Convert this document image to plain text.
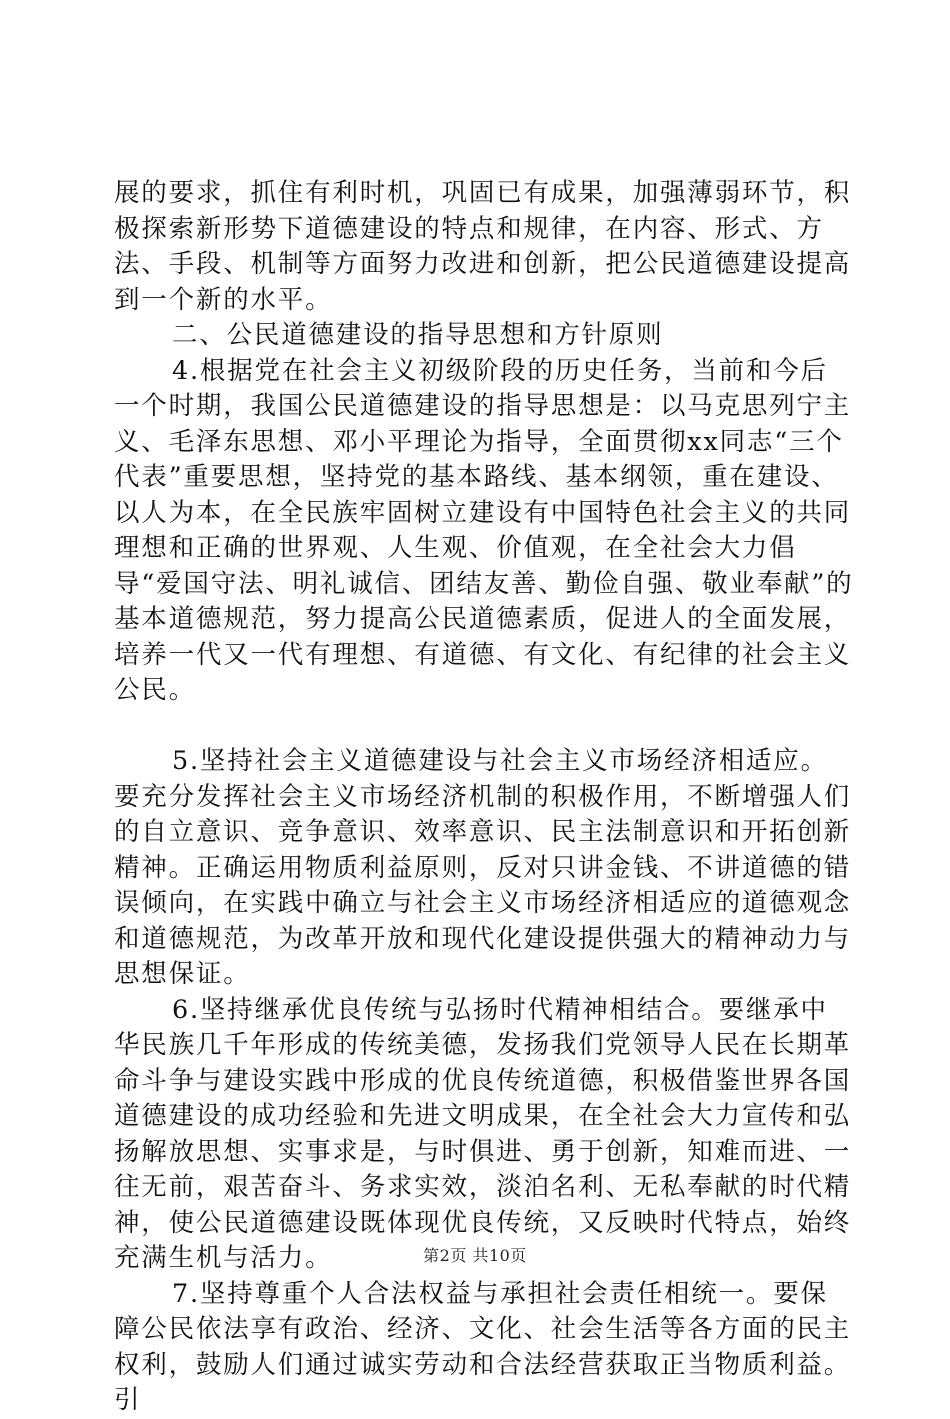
展的要求，抓住有利时机，巩固已有成果，加强薄弱环节，积极探索新形势下道德建设的特点和规律，在内容、形式、方法、手段、机制等方面努力改进和创新，把公民道德建设提高到一个新的水平。

二、公民道德建设的指导思想和方针原则

4.根据党在社会主义初级阶段的历史任务，当前和今后一个时期，我国公民道德建设的指导思想是：以马克思列宁主义、毛泽东思想、邓小平理论为指导，全面贯彻xx同志“三个代表”重要思想，坚持党的基本路线、基本纲领，重在建设、以人为本，在全民族牢固树立建设有中国特色社会主义的共同理想和正确的世界观、人生观、价值观，在全社会大力倡导“爱国守法、明礼诚信、团结友善、勤俭自强、敬业奉献”的基本道德规范，努力提高公民道德素质，促进人的全面发展，培养一代又一代有理想、有道德、有文化、有纪律的社会主义公民。

5.坚持社会主义道德建设与社会主义市场经济相适应。要充分发挥社会主义市场经济机制的积极作用，不断增强人们的自立意识、竞争意识、效率意识、民主法制意识和开拓创新精神。正确运用物质利益原则，反对只讲金钱、不讲道德的错误倾向，在实践中确立与社会主义市场经济相适应的道德观念和道德规范，为改革开放和现代化建设提供强大的精神动力与思想保证。

6.坚持继承优良传统与弘扬时代精神相结合。要继承中华民族几千年形成的传统美德，发扬我们党领导人民在长期革命斗争与建设实践中形成的优良传统道德，积极借鉴世界各国道德建设的成功经验和先进文明成果，在全社会大力宣传和弘扬解放思想、实事求是，与时俱进、勇于创新，知难而进、一往无前，艰苦奋斗、务求实效，淡泊名利、无私奉献的时代精神，使公民道德建设既体现优良传统，又反映时代特点，始终充满生机与活力。

7.坚持尊重个人合法权益与承担社会责任相统一。要保障公民依法享有政治、经济、文化、社会生活等各方面的民主权利，鼓励人们通过诚实劳动和合法经营获取正当物质利益。引

第2页 共10页
